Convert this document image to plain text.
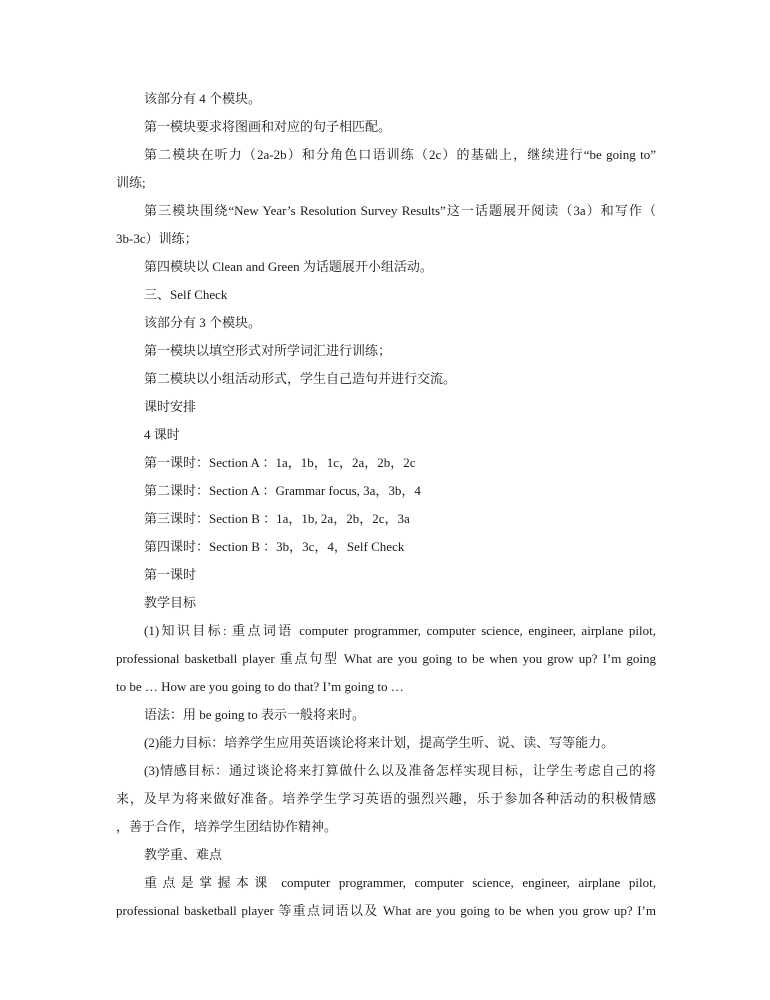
该部分有 4 个模块。
第一模块要求将图画和对应的句子相匹配。
第二模块在听力（2a-2b）和分角色口语训练（2c）的基础上，继续进行“be going to”
训练;
第三模块围绕“New Year’s Resolution Survey Results”这一话题展开阅读（3a）和写作（
3b-3c）训练；
第四模块以 Clean and Green 为话题展开小组活动。
三、Self Check
该部分有 3 个模块。
第一模块以填空形式对所学词汇进行训练；
第二模块以小组活动形式，学生自己造句并进行交流。
课时安排
4 课时
第一课时：Section A ：1a，1b，1c，2a，2b，2c
第二课时：Section A ：Grammar focus, 3a，3b，4
第三课时：Section B ：1a，1b, 2a，2b，2c，3a
第四课时：Section B ：3b，3c，4，Self Check
第一课时
教学目标
(1)知识目标: 重点词语 computer programmer, computer science, engineer, airplane pilot,
professional basketball player 重点句型 What are you going to be when you grow up? I’m going
to be … How are you going to do that? I’m going to …
语法：用 be going to 表示一般将来时。
(2)能力目标：培养学生应用英语谈论将来计划，提高学生听、说、读、写等能力。
(3)情感目标：通过谈论将来打算做什么以及准备怎样实现目标，让学生考虑自己的将
来，及早为将来做好准备。培养学生学习英语的强烈兴趣，乐于参加各种活动的积极情感
，善于合作，培养学生团结协作精神。
教学重、难点
重点是掌握本课 computer programmer, computer science, engineer, airplane pilot,
professional basketball player 等重点词语以及 What are you going to be when you grow up? I’m
